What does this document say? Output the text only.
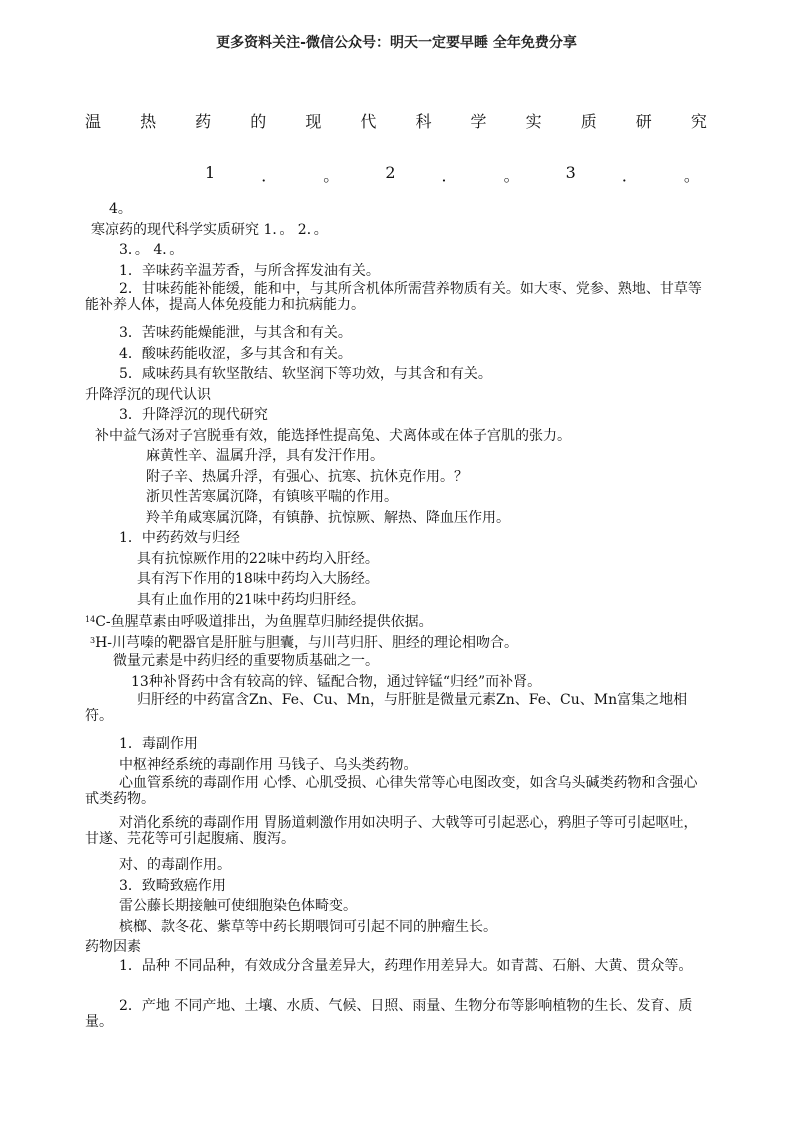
更多资料关注-微信公众号：明天一定要早睡 全年免费分享
温 热 药 的 现 代 科 学 实 质 研 究
1	．	。	2	．	。	3	．	。
4。
寒凉药的现代科学实质研究 1．。 2．。
3．。 4．。
1．辛味药辛温芳香，与所含挥发油有关。
2．甘味药能补能缓，能和中，与其所含机体所需营养物质有关。如大枣、党参、熟地、甘草等能补养人体，提高人体免疫能力和抗病能力。
3．苦味药能燥能泄，与其含和有关。
4．酸味药能收涩，多与其含和有关。
5．咸味药具有软坚散结、软坚润下等功效，与其含和有关。
升降浮沉的现代认识
3．升降浮沉的现代研究
补中益气汤对子宫脱垂有效，能选择性提高兔、犬离体或在体子宫肌的张力。
麻黄性辛、温属升浮，具有发汗作用。
附子辛、热属升浮，有强心、抗寒、抗休克作用。？
浙贝性苦寒属沉降，有镇咳平喘的作用。
羚羊角咸寒属沉降，有镇静、抗惊厥、解热、降血压作用。
1．中药药效与归经
具有抗惊厥作用的22味中药均入肝经。
具有泻下作用的18味中药均入大肠经。
具有止血作用的21味中药均归肝经。
$^{14}$C-鱼腥草素由呼吸道排出，为鱼腥草归肺经提供依据。
$^3$H-川芎嗪的靶器官是肝脏与胆囊，与川芎归肝、胆经的理论相吻合。
微量元素是中药归经的重要物质基础之一。
13种补肾药中含有较高的锌、锰配合物，通过锌锰“归经”而补肾。
归肝经的中药富含Zn、Fe、Cu、Mn，与肝脏是微量元素Zn、Fe、Cu、Mn富集之地相符。
1．毒副作用
中枢神经系统的毒副作用 马钱子、乌头类药物。
心血管系统的毒副作用 心悸、心肌受损、心律失常等心电图改变，如含乌头碱类药物和含强心甙类药物。
对消化系统的毒副作用 胃肠道刺激作用如决明子、大戟等可引起恶心，鸦胆子等可引起呕吐，甘遂、芫花等可引起腹痛、腹泻。
对、的毒副作用。
3．致畸致癌作用
雷公藤长期接触可使细胞染色体畸变。
槟榔、款冬花、紫草等中药长期喂饲可引起不同的肿瘤生长。
药物因素
1．品种 不同品种，有效成分含量差异大，药理作用差异大。如青蒿、石斛、大黄、贯众等。
2．产地 不同产地、土壤、水质、气候、日照、雨量、生物分布等影响植物的生长、发育、质量。
